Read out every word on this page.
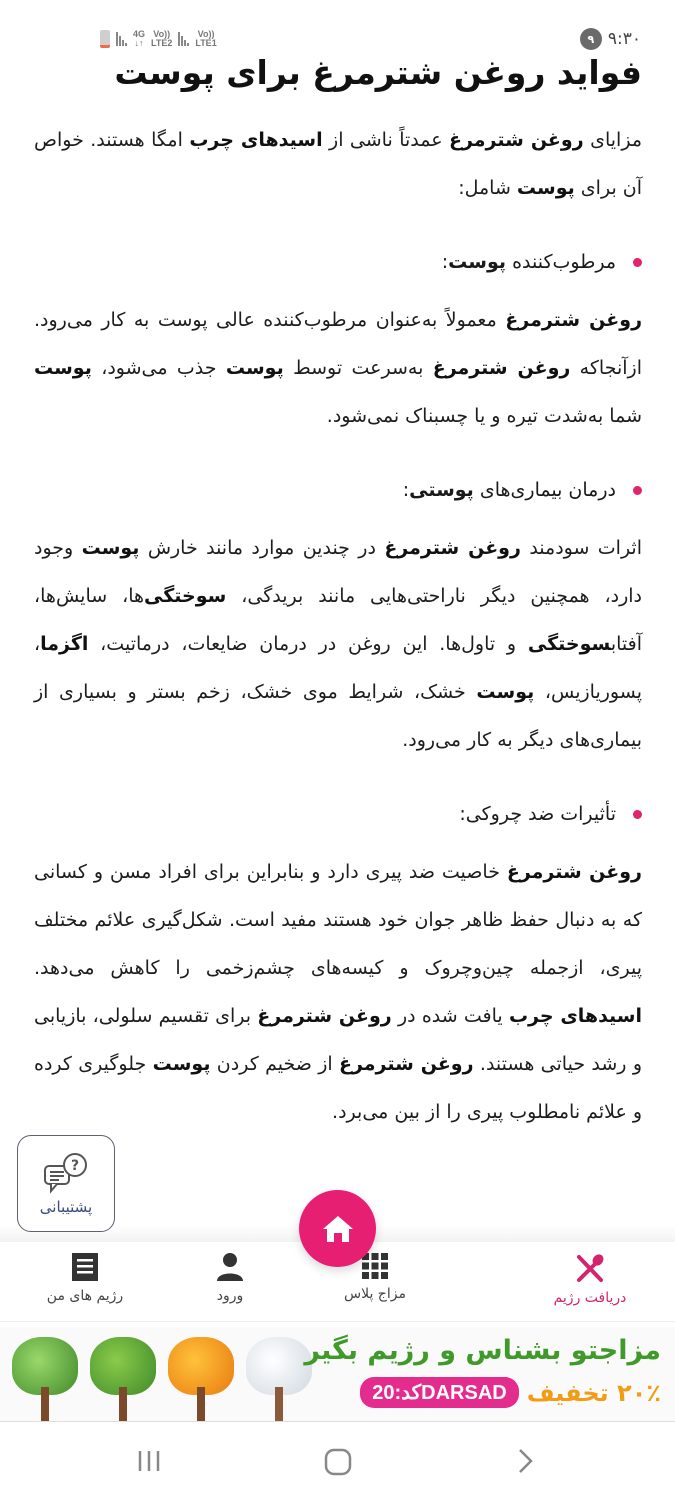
4G
↓↑
Vo))
LTE2
Vo))
LTE1	۹ ۹:۳۰
فواید روغن شترمرغ برای پوست

مزایای روغن شترمرغ عمدتاً ناشی از اسیدهای چرب امگا هستند. خواص آن برای پوست شامل:

مرطوب‌کننده پوست:

روغن شترمرغ معمولاً به‌عنوان مرطوب‌کننده عالی پوست به کار می‌رود. ازآنجاکه روغن شترمرغ به‌سرعت توسط پوست جذب می‌شود، پوست شما به‌شدت تیره و یا چسبناک نمی‌شود.

درمان بیماری‌های پوستی:

اثرات سودمند روغن شترمرغ در چندین موارد مانند خارش پوست وجود دارد، همچنین دیگر ناراحتی‌هایی مانند بریدگی، سوختگی‌ها، سایش‌ها، آفتابسوختگی و تاول‌ها. این روغن در درمان ضایعات، درماتیت، اگزما، پسوریازیس، پوست خشک، شرایط موی خشک، زخم بستر و بسیاری از بیماری‌های دیگر به کار می‌رود.

تأثیرات ضد چروکی:

روغن شترمرغ خاصیت ضد پیری دارد و بنابراین برای افراد مسن و کسانی که به دنبال حفظ ظاهر جوان خود هستند مفید است. شکل‌گیری علائم مختلف پیری، ازجمله چین‌وچروک و کیسه‌های چشم‌زخمی را کاهش می‌دهد. اسیدهای چرب یافت شده در روغن شترمرغ برای تقسیم سلولی، بازیابی و رشد حیاتی هستند. روغن شترمرغ از ضخیم کردن پوست جلوگیری کرده و علائم نامطلوب پیری را از بین می‌برد.

?
پشتیبانی
دریافت رژیم
مزاج پلاس
ورود
رژیم های من
مزاجتو بشناس و رژیم بگیر
۲۰٪ تخفیف
کد:20DARSAD
